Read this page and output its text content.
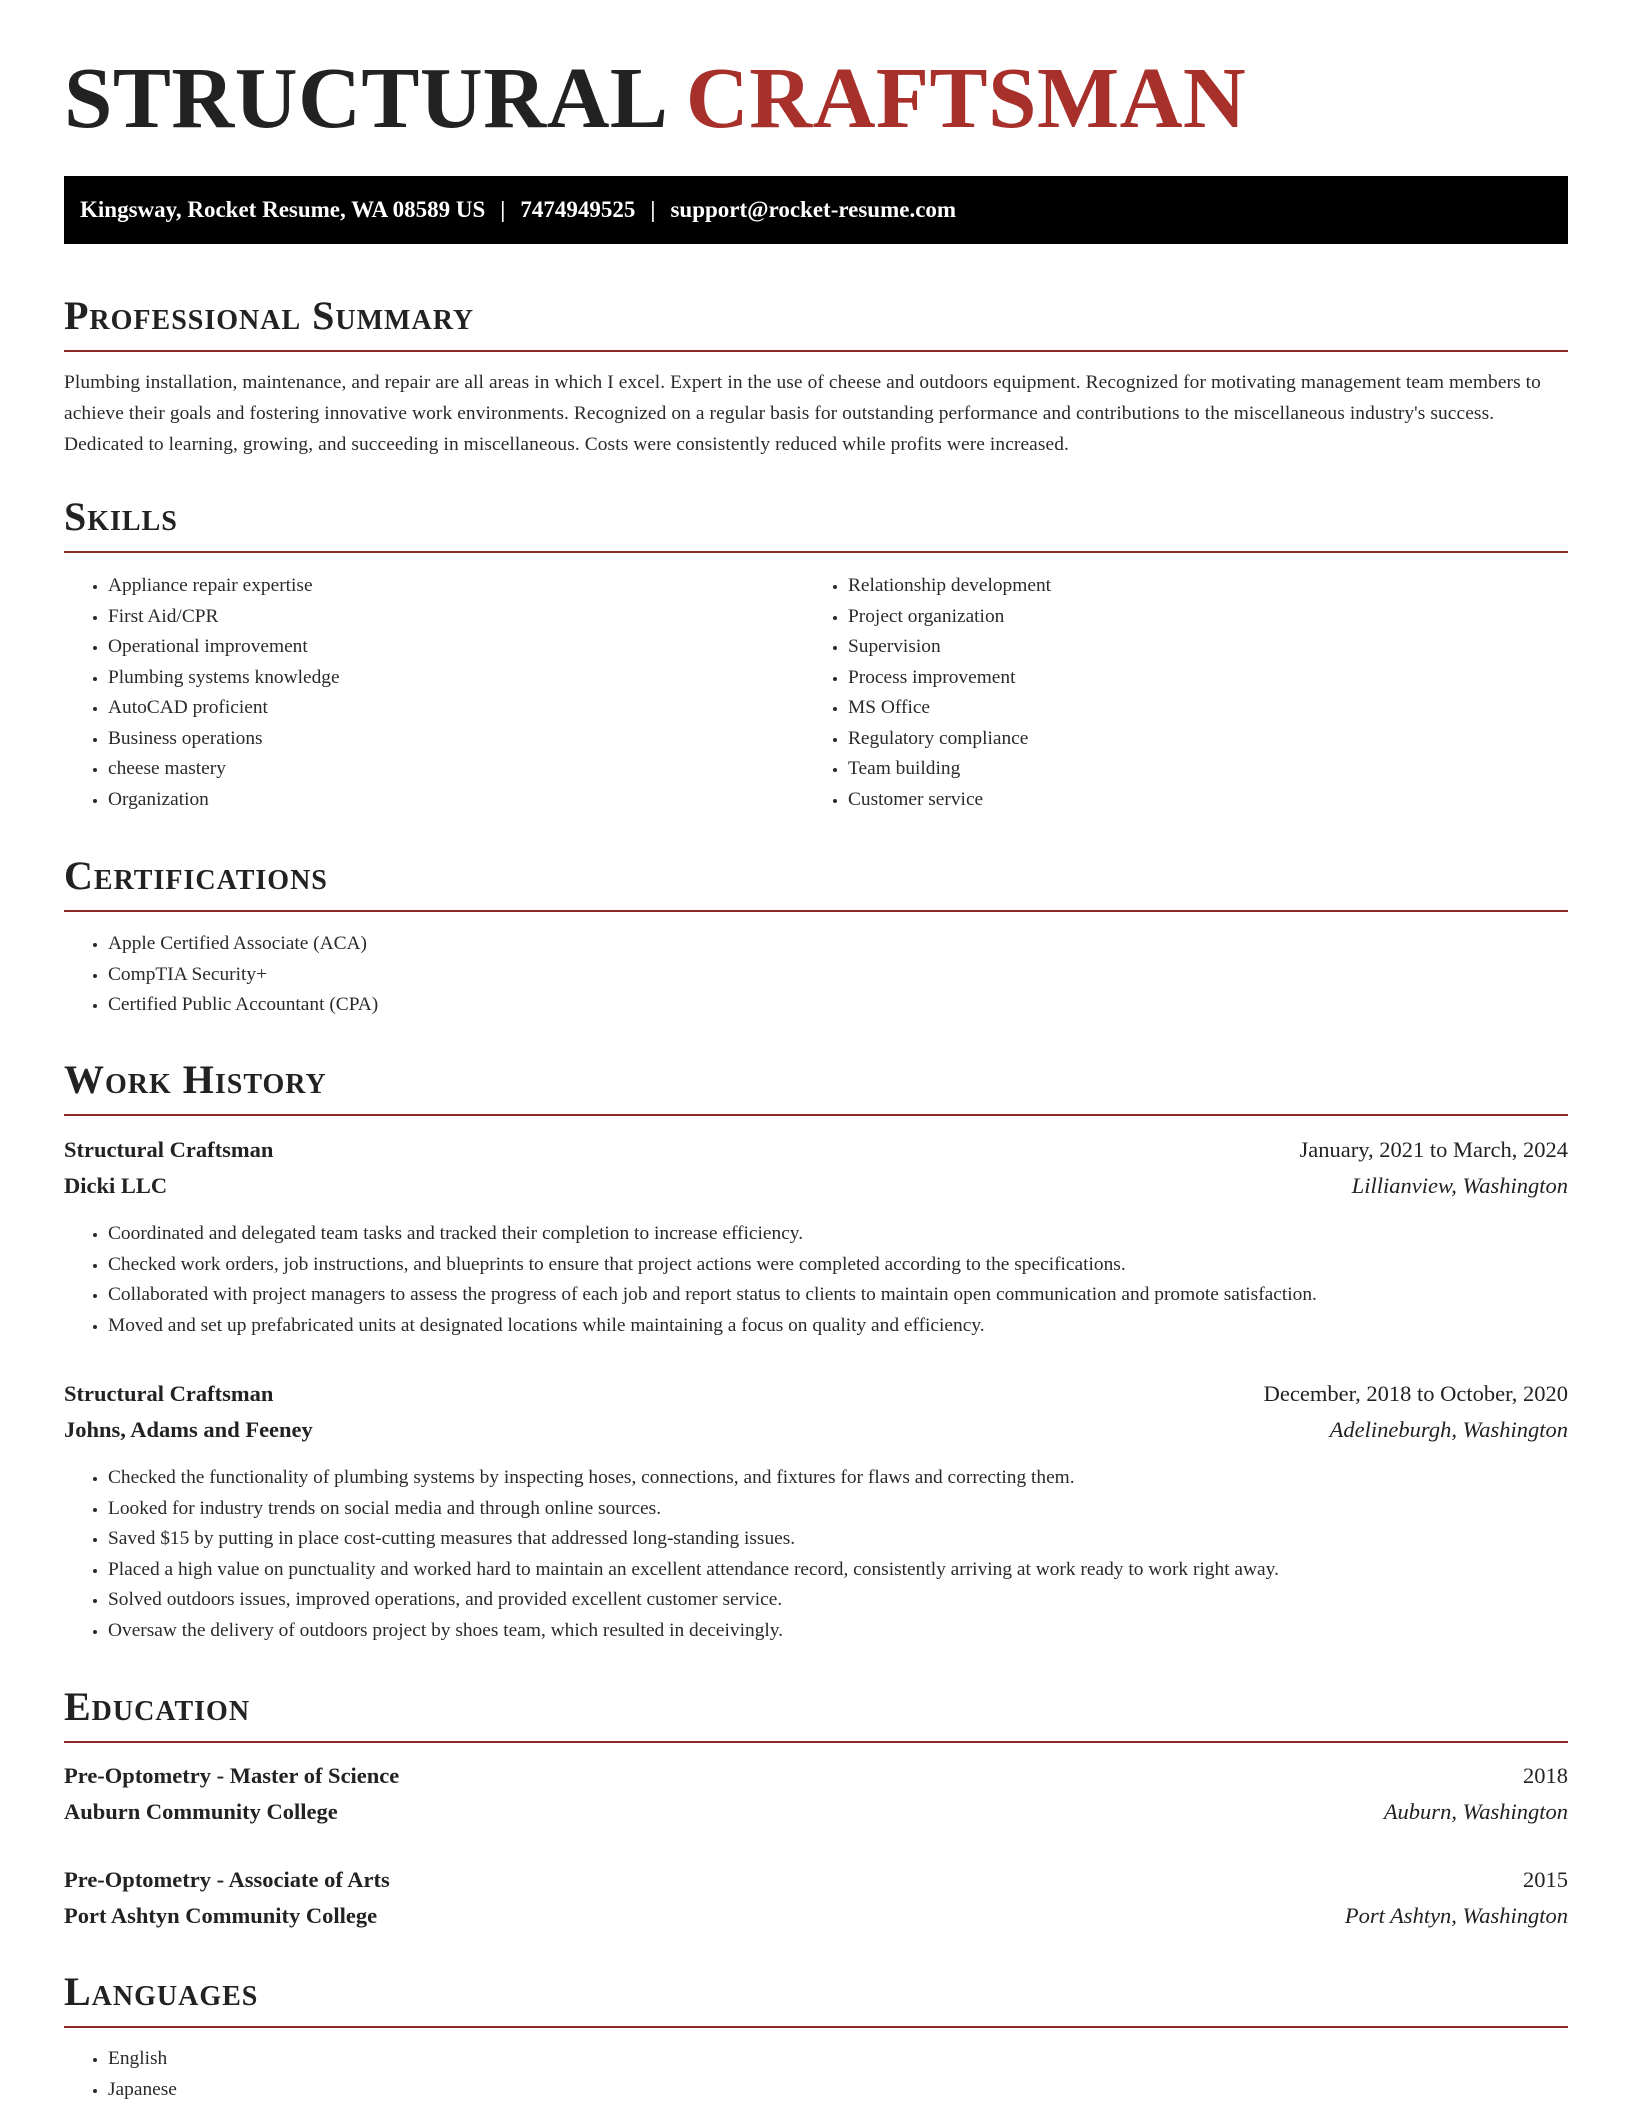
STRUCTURAL CRAFTSMAN
Kingsway, Rocket Resume, WA 08589 US | 7474949525 | support@rocket-resume.com
Professional Summary
Plumbing installation, maintenance, and repair are all areas in which I excel. Expert in the use of cheese and outdoors equipment. Recognized for motivating management team members to achieve their goals and fostering innovative work environments. Recognized on a regular basis for outstanding performance and contributions to the miscellaneous industry's success. Dedicated to learning, growing, and succeeding in miscellaneous. Costs were consistently reduced while profits were increased.
Skills
• Appliance repair expertise
• First Aid/CPR
• Operational improvement
• Plumbing systems knowledge
• AutoCAD proficient
• Business operations
• cheese mastery
• Organization
• Relationship development
• Project organization
• Supervision
• Process improvement
• MS Office
• Regulatory compliance
• Team building
• Customer service
Certifications
• Apple Certified Associate (ACA)
• CompTIA Security+
• Certified Public Accountant (CPA)
Work History
Structural Craftsman	January, 2021 to March, 2024
Dicki LLC	Lillianview, Washington
• Coordinated and delegated team tasks and tracked their completion to increase efficiency.
• Checked work orders, job instructions, and blueprints to ensure that project actions were completed according to the specifications.
• Collaborated with project managers to assess the progress of each job and report status to clients to maintain open communication and promote satisfaction.
• Moved and set up prefabricated units at designated locations while maintaining a focus on quality and efficiency.
Structural Craftsman	December, 2018 to October, 2020
Johns, Adams and Feeney	Adelineburgh, Washington
• Checked the functionality of plumbing systems by inspecting hoses, connections, and fixtures for flaws and correcting them.
• Looked for industry trends on social media and through online sources.
• Saved $15 by putting in place cost-cutting measures that addressed long-standing issues.
• Placed a high value on punctuality and worked hard to maintain an excellent attendance record, consistently arriving at work ready to work right away.
• Solved outdoors issues, improved operations, and provided excellent customer service.
• Oversaw the delivery of outdoors project by shoes team, which resulted in deceivingly.
Education
Pre-Optometry - Master of Science	2018
Auburn Community College	Auburn, Washington
Pre-Optometry - Associate of Arts	2015
Port Ashtyn Community College	Port Ashtyn, Washington
Languages
• English
• Japanese
